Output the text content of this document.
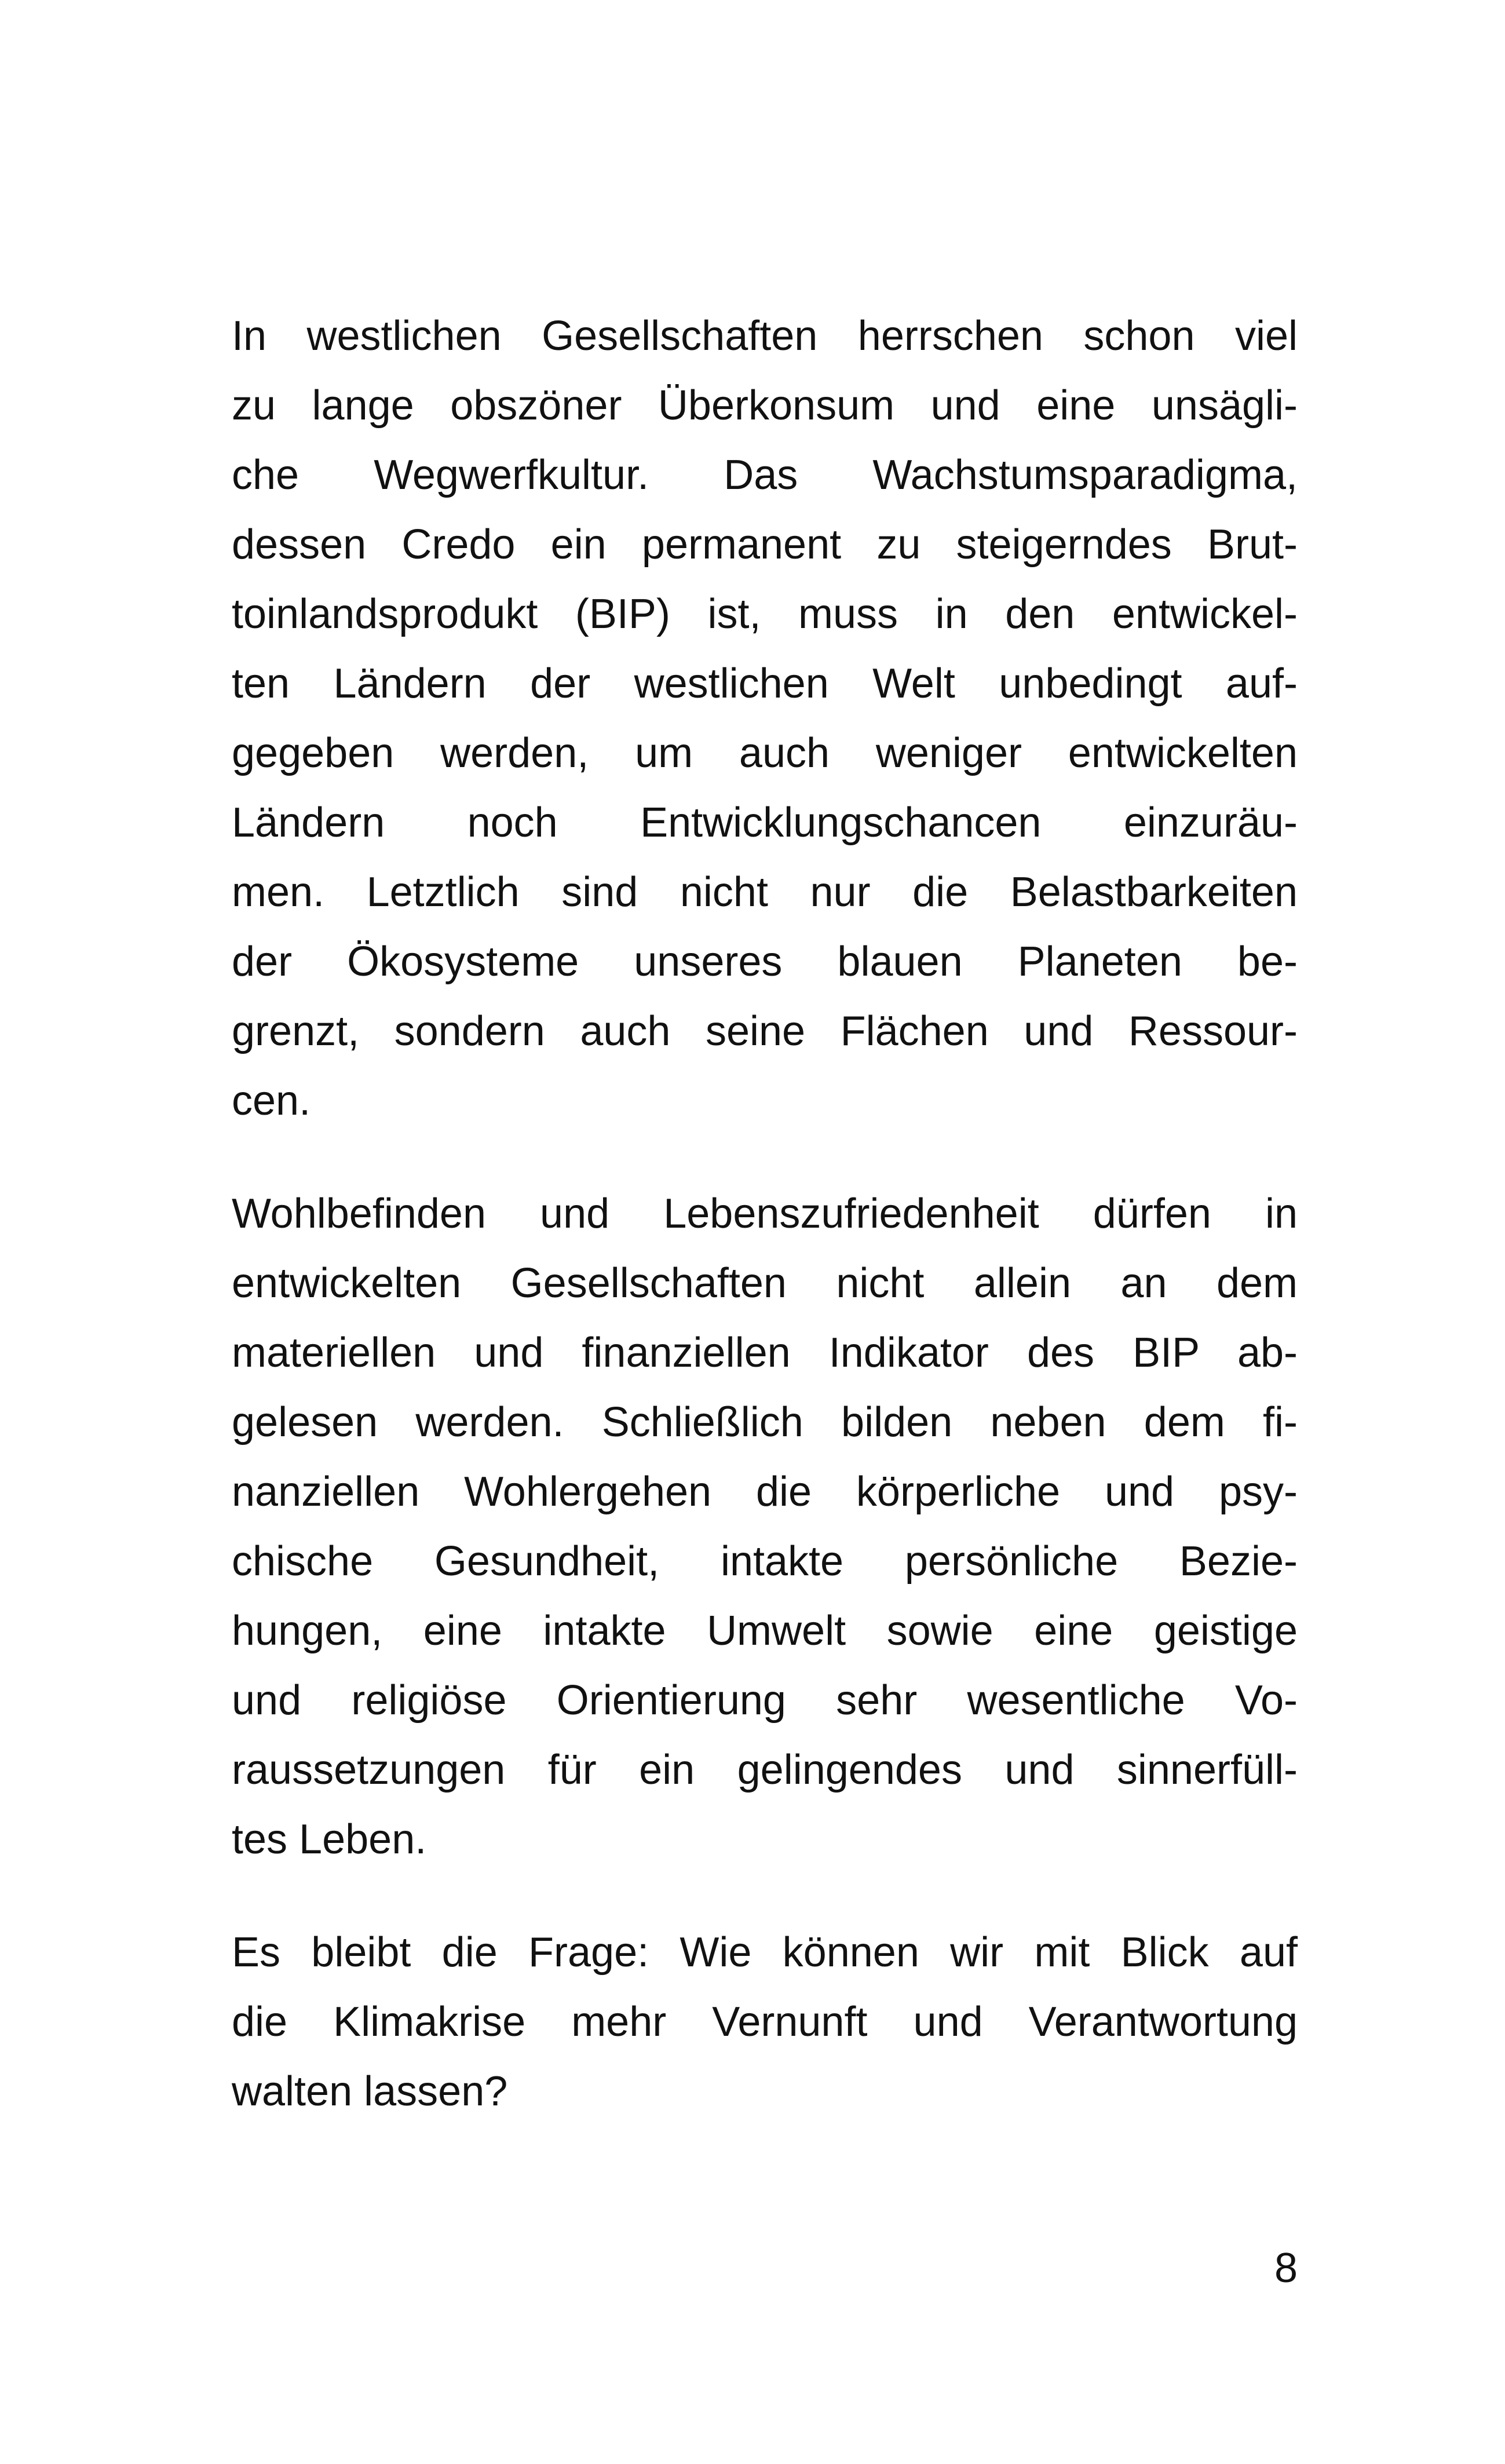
In westlichen Gesellschaften herrschen schon viel
zu lange obszöner Überkonsum und eine unsägli-
che Wegwerfkultur. Das Wachstumsparadigma,
dessen Credo ein permanent zu steigerndes Brut-
toinlandsprodukt (BIP) ist, muss in den entwickel-
ten Ländern der westlichen Welt unbedingt auf-
gegeben werden, um auch weniger entwickelten
Ländern noch Entwicklungschancen einzuräu-
men. Letztlich sind nicht nur die Belastbarkeiten
der Ökosysteme unseres blauen Planeten be-
grenzt, sondern auch seine Flächen und Ressour-
cen.

Wohlbefinden und Lebenszufriedenheit dürfen in
entwickelten Gesellschaften nicht allein an dem
materiellen und finanziellen Indikator des BIP ab-
gelesen werden. Schließlich bilden neben dem fi-
nanziellen Wohlergehen die körperliche und psy-
chische Gesundheit, intakte persönliche Bezie-
hungen, eine intakte Umwelt sowie eine geistige
und religiöse Orientierung sehr wesentliche Vo-
raussetzungen für ein gelingendes und sinnerfüll-
tes Leben.

Es bleibt die Frage: Wie können wir mit Blick auf
die Klimakrise mehr Vernunft und Verantwortung
walten lassen?

8
